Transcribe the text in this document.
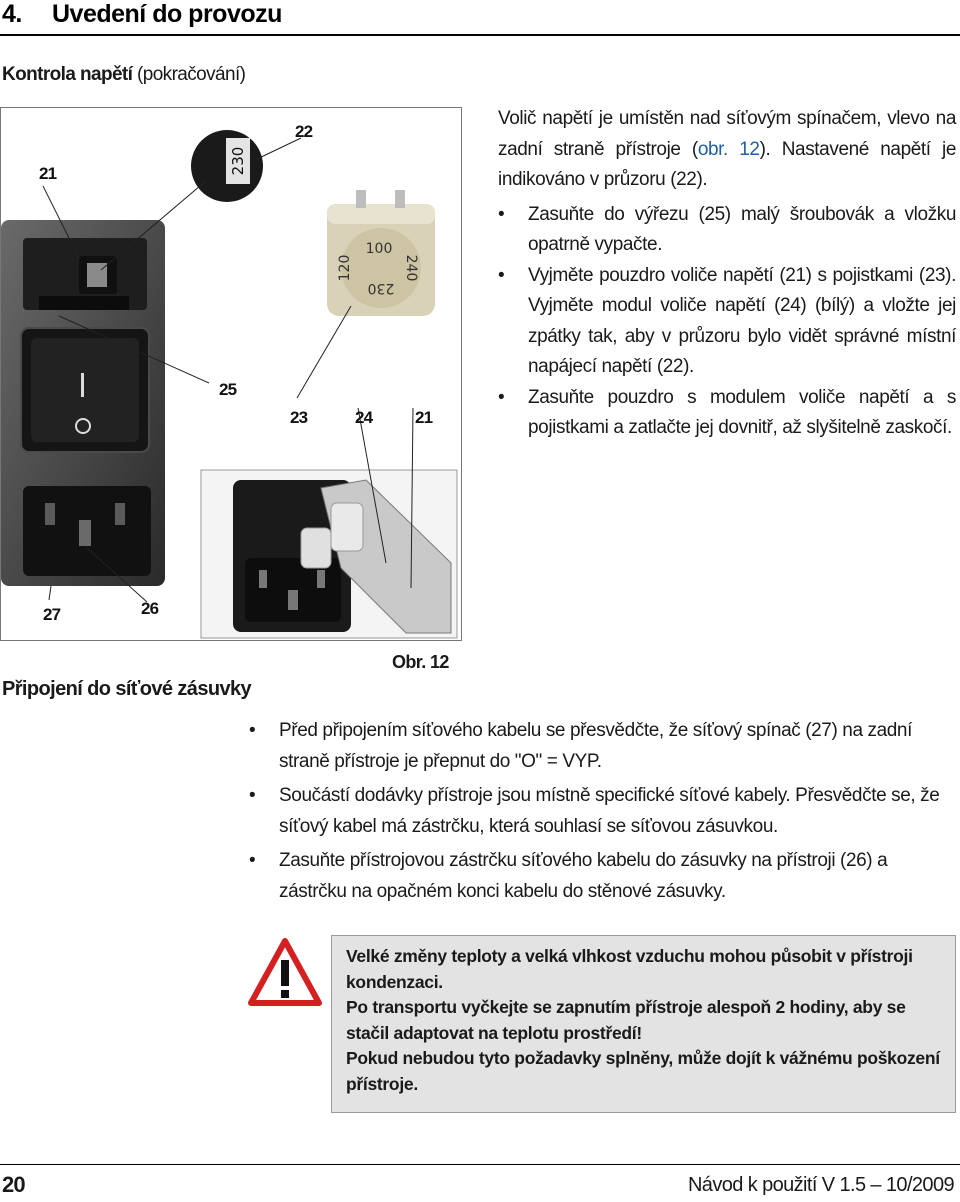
4. Uvedení do provozu
Kontrola napětí (pokračování)
230
100
120	240
230
21
22
25
23	24	21
27	26
Obr. 12

Volič napětí je umístěn nad síťovým spínačem, vlevo na zadní straně přístroje (obr. 12). Nastavené napětí je indikováno v průzoru (22).

• Zasuňte do výřezu (25) malý šroubovák a vložku opatrně vypačte.

• Vyjměte pouzdro voliče napětí (21) s pojistkami (23). Vyjměte modul voliče napětí (24) (bílý) a vložte jej zpátky tak, aby v průzoru bylo vidět správné místní napájecí napětí (22).

• Zasuňte pouzdro s modulem voliče napětí a s pojistkami a zatlačte jej dovnitř, až slyšitelně zaskočí.

Připojení do síťové zásuvky

• Před připojením síťového kabelu se přesvědčte, že síťový spínač (27) na zadní straně přístroje je přepnut do "O" = VYP.

• Součástí dodávky přístroje jsou místně specifické síťové kabely. Přesvědčte se, že síťový kabel má zástrčku, která souhlasí se síťovou zásuvkou.

• Zasuňte přístrojovou zástrčku síťového kabelu do zásuvky na přístroji (26) a zástrčku na opačném konci kabelu do stěnové zásuvky.

Velké změny teploty a velká vlhkost vzduchu mohou působit v přístroji kondenzaci.

Po transportu vyčkejte se zapnutím přístroje alespoň 2 hodiny, aby se stačil adaptovat na teplotu prostředí!

Pokud nebudou tyto požadavky splněny, může dojít k vážnému poškození přístroje.

20	Návod k použití V 1.5 – 10/2009
